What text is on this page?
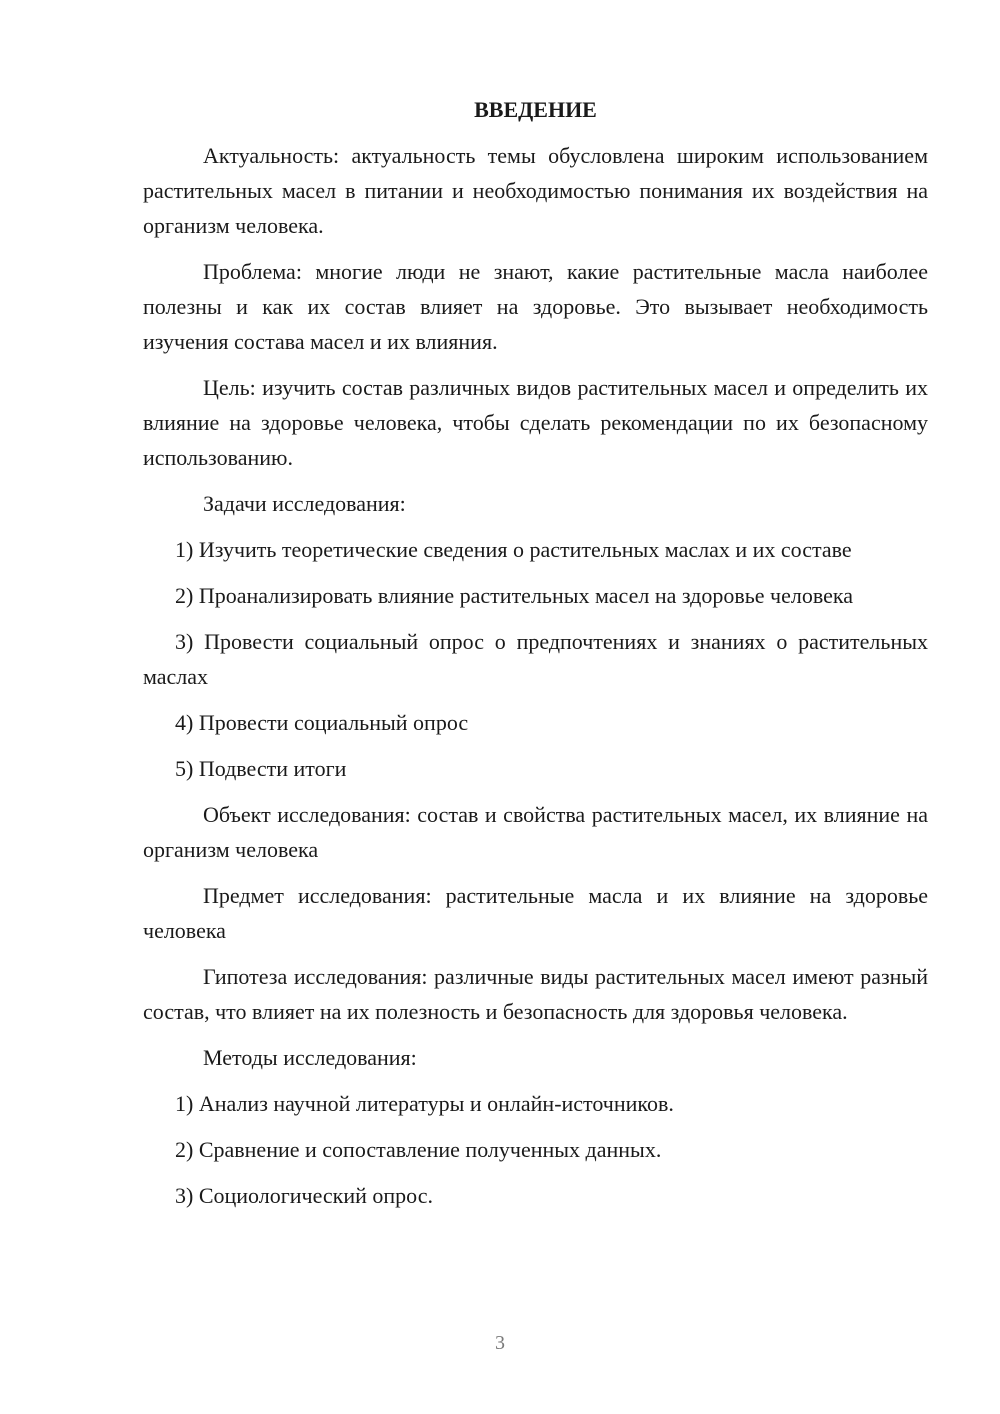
ВВЕДЕНИЕ

Актуальность: актуальность темы обусловлена широким использованием растительных масел в питании и необходимостью понимания их воздействия на организм человека.

Проблема: многие люди не знают, какие растительные масла наиболее полезны и как их состав влияет на здоровье. Это вызывает необходимость изучения состава масел и их влияния.

Цель: изучить состав различных видов растительных масел и определить их влияние на здоровье человека, чтобы сделать рекомендации по их безопасному использованию.

Задачи исследования:

1) Изучить теоретические сведения о растительных маслах и их составе

2) Проанализировать влияние растительных масел на здоровье человека

3) Провести социальный опрос о предпочтениях и знаниях о растительных маслах

4) Провести социальный опрос

5) Подвести итоги

Объект исследования: состав и свойства растительных масел, их влияние на организм человека

Предмет исследования: растительные масла и их влияние на здоровье человека

Гипотеза исследования: различные виды растительных масел имеют разный состав, что влияет на их полезность и безопасность для здоровья человека.

Методы исследования:

1) Анализ научной литературы и онлайн-источников.

2) Сравнение и сопоставление полученных данных.

3) Социологический опрос.

3
